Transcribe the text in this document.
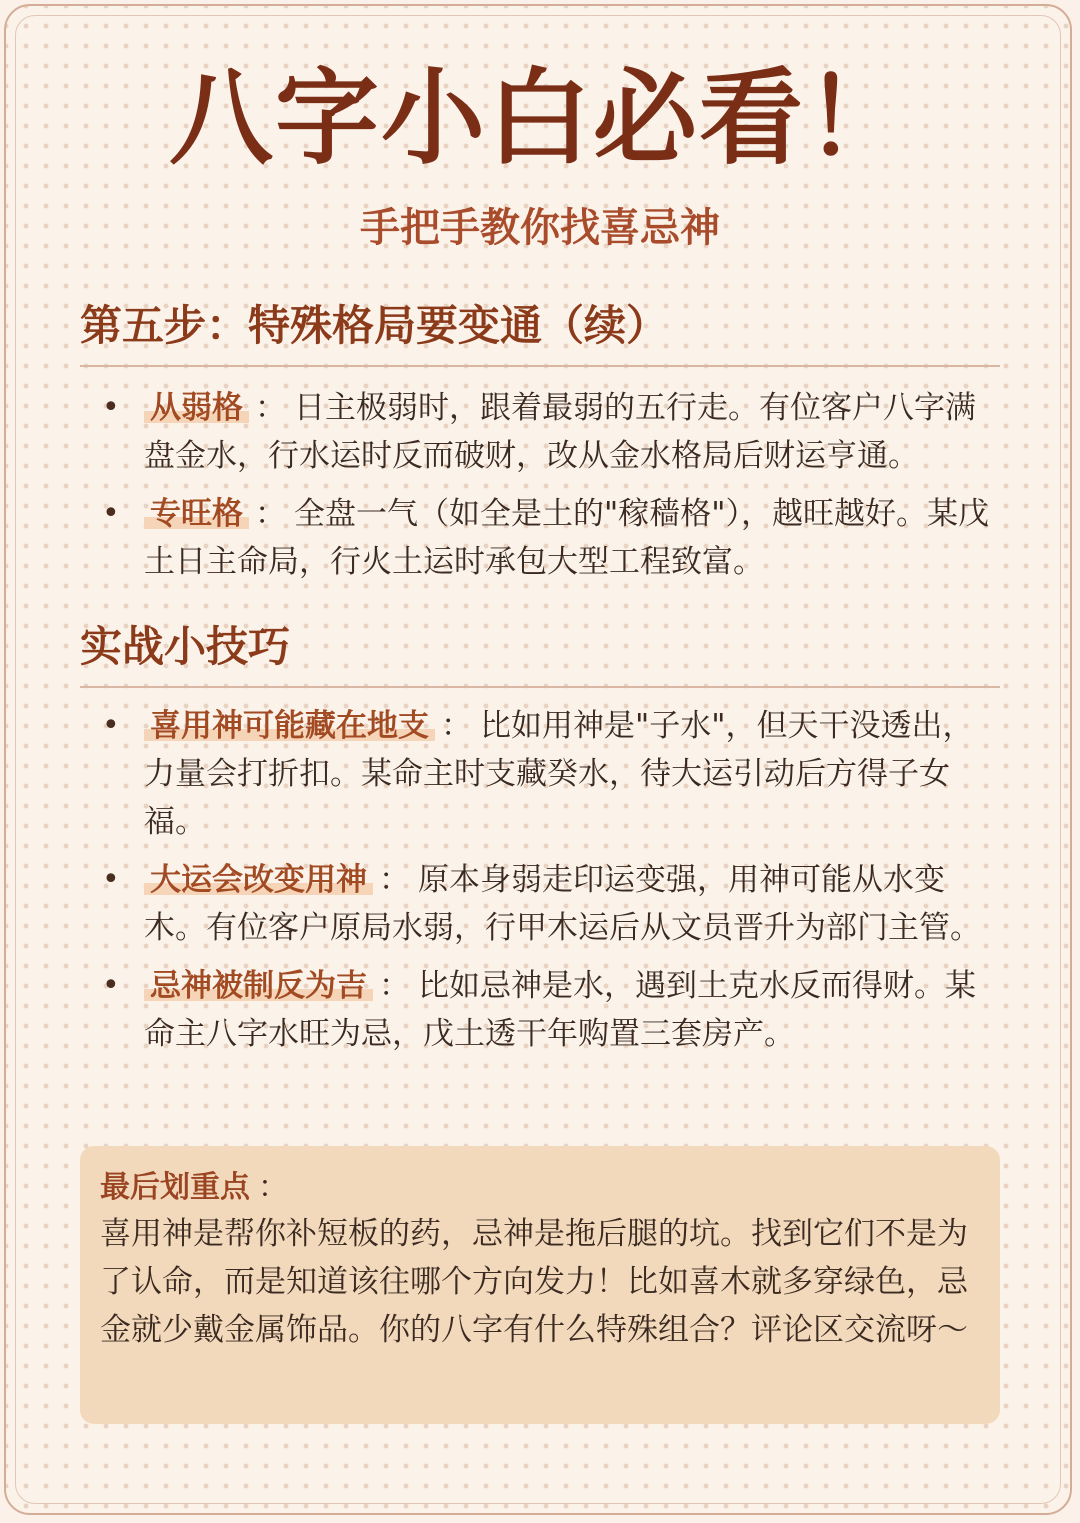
八字小白必看！
手把手教你找喜忌神
第五步：特殊格局要变通（续）
• 从弱格 ： 日主极弱时，跟着最弱的五行走。有位客户八字满盘金水，行水运时反而破财，改从金水格局后财运亨通。
• 专旺格 ： 全盘一气（如全是土的"稼穑格"），越旺越好。某戊土日主命局，行火土运时承包大型工程致富。
实战小技巧
• 喜用神可能藏在地支 ： 比如用神是"子水"，但天干没透出，力量会打折扣。某命主时支藏癸水，待大运引动后方得子女福。
• 大运会改变用神 ： 原本身弱走印运变强，用神可能从水变木。有位客户原局水弱，行甲木运后从文员晋升为部门主管。
• 忌神被制反为吉 ： 比如忌神是水，遇到土克水反而得财。某命主八字水旺为忌，戊土透干年购置三套房产。
最后划重点 ：
喜用神是帮你补短板的药，忌神是拖后腿的坑。找到它们不是为了认命，而是知道该往哪个方向发力！比如喜木就多穿绿色，忌金就少戴金属饰品。你的八字有什么特殊组合？评论区交流呀～
